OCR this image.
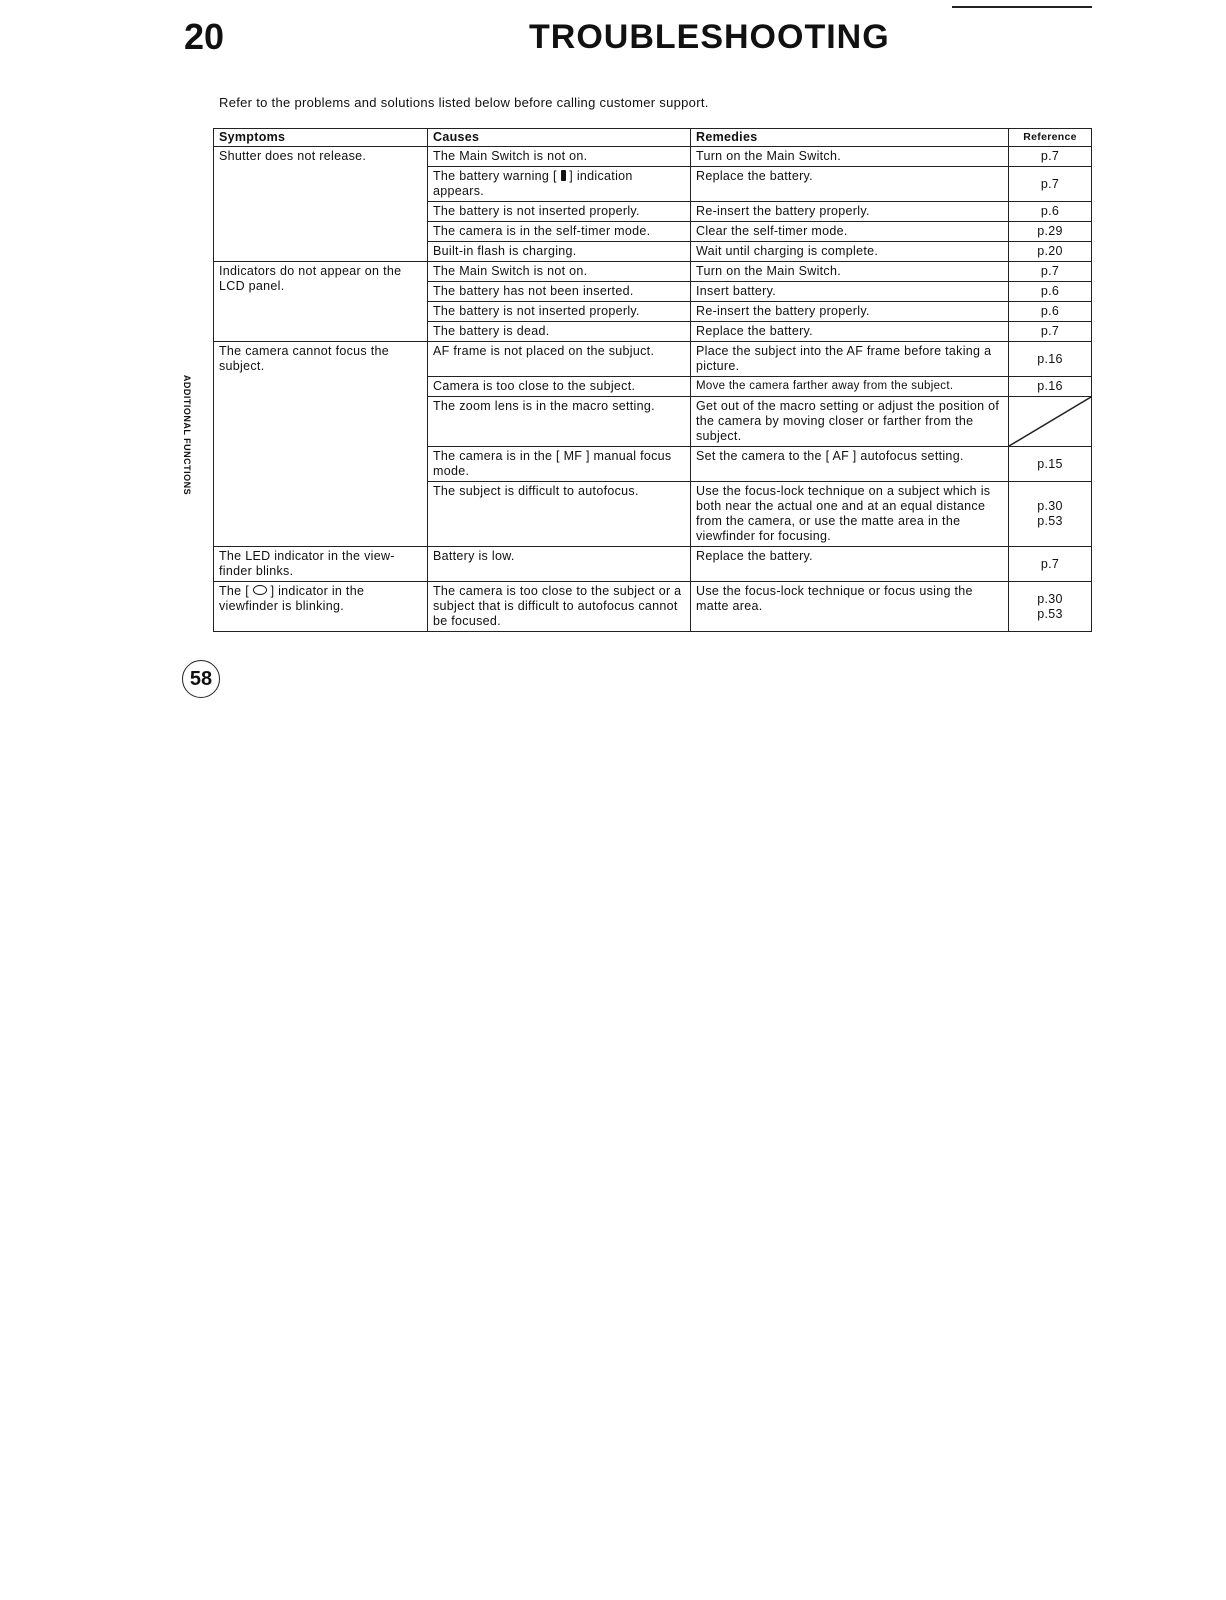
20	TROUBLESHOOTING
Refer to the problems and solutions listed below before calling customer support.
ADDITIONAL FUNCTIONS
Symptoms	Causes	Remedies	Reference
Shutter does not release.	The Main Switch is not on.	Turn on the Main Switch.	p.7
	The battery warning [ ] indication appears.	Replace the battery.	p.7
	The battery is not inserted properly.	Re-insert the battery properly.	p.6
	The camera is in the self-timer mode.	Clear the self-timer mode.	p.29
	Built-in flash is charging.	Wait until charging is complete.	p.20
Indicators do not appear on the LCD panel.	The Main Switch is not on.	Turn on the Main Switch.	p.7
	The battery has not been inserted.	Insert battery.	p.6
	The battery is not inserted properly.	Re-insert the battery properly.	p.6
	The battery is dead.	Replace the battery.	p.7
The camera cannot focus the subject.	AF frame is not placed on the subjuct.	Place the subject into the AF frame before taking a picture.	p.16
	Camera is too close to the subject.	Move the camera farther away from the subject.	p.16
	The zoom lens is in the macro setting.	Get out of the macro setting or adjust the position of the camera by moving closer or farther from the subject.	

	The camera is in the [ MF ] manual focus mode.	Set the camera to the [ AF ] autofocus setting.	p.15
	The subject is difficult to autofocus.	Use the focus-lock technique on a subject which is both near the actual one and at an equal distance from the camera, or use the matte area in the viewfinder for focusing.	p.30
p.53
The LED indicator in the view-finder blinks.	Battery is low.	Replace the battery.	p.7
The [ ] indicator in the viewfinder is blinking.	The camera is too close to the subject or a subject that is difficult to autofocus cannot be focused.	Use the focus-lock technique or focus using the matte area.	p.30
p.53
58
